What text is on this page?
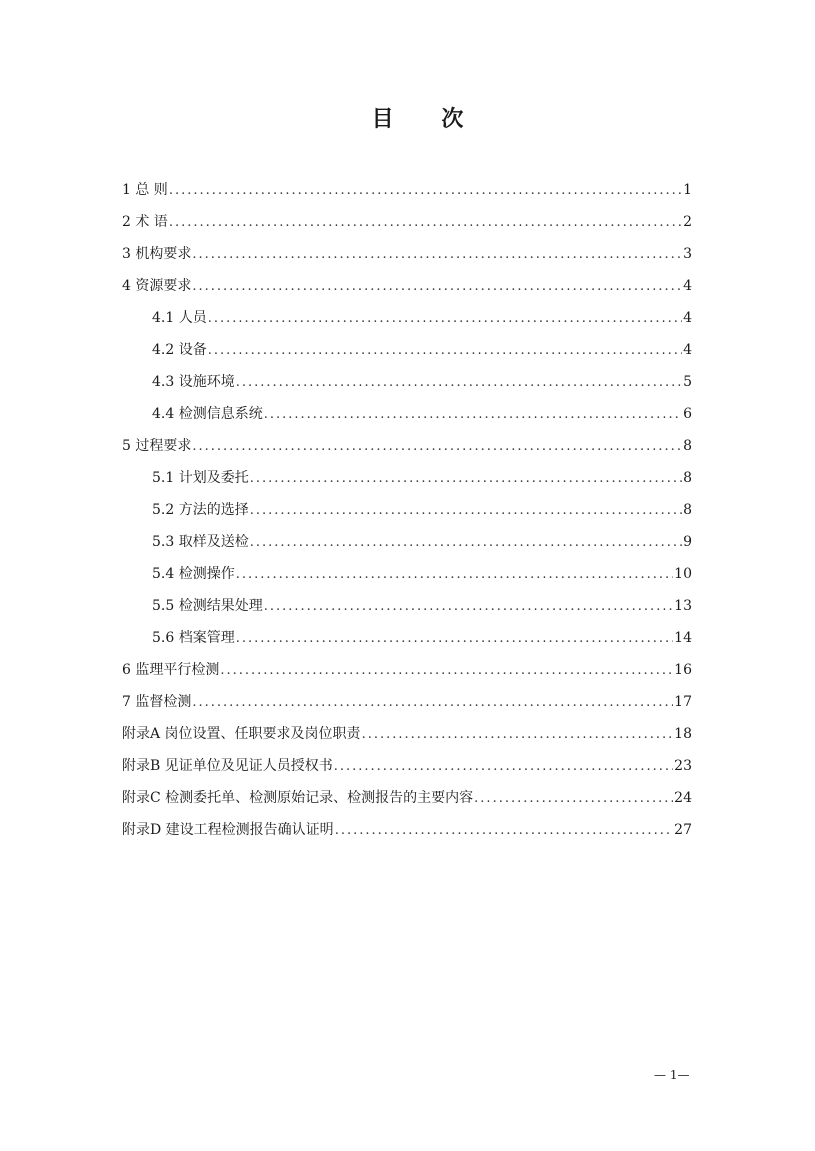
目 次
1 总 则 .....	1
2 术 语 .....	2
3 机构要求 .....	3
4 资源要求 .....	4
4.1 人员 .....	4
4.2 设备 .....	4
4.3 设施环境 .....	5
4.4 检测信息系统 .....	6
5 过程要求 .....	8
5.1 计划及委托 .....	8
5.2 方法的选择 .....	8
5.3 取样及送检 .....	9
5.4 检测操作 .....	10
5.5 检测结果处理 .....	13
5.6 档案管理 .....	14
6 监理平行检测 .....	16
7 监督检测 .....	17
附录A 岗位设置、任职要求及岗位职责 .....	18
附录B 见证单位及见证人员授权书 .....	23
附录C 检测委托单、检测原始记录、检测报告的主要内容 .....	24
附录D 建设工程检测报告确认证明 .....	27

— 1—
